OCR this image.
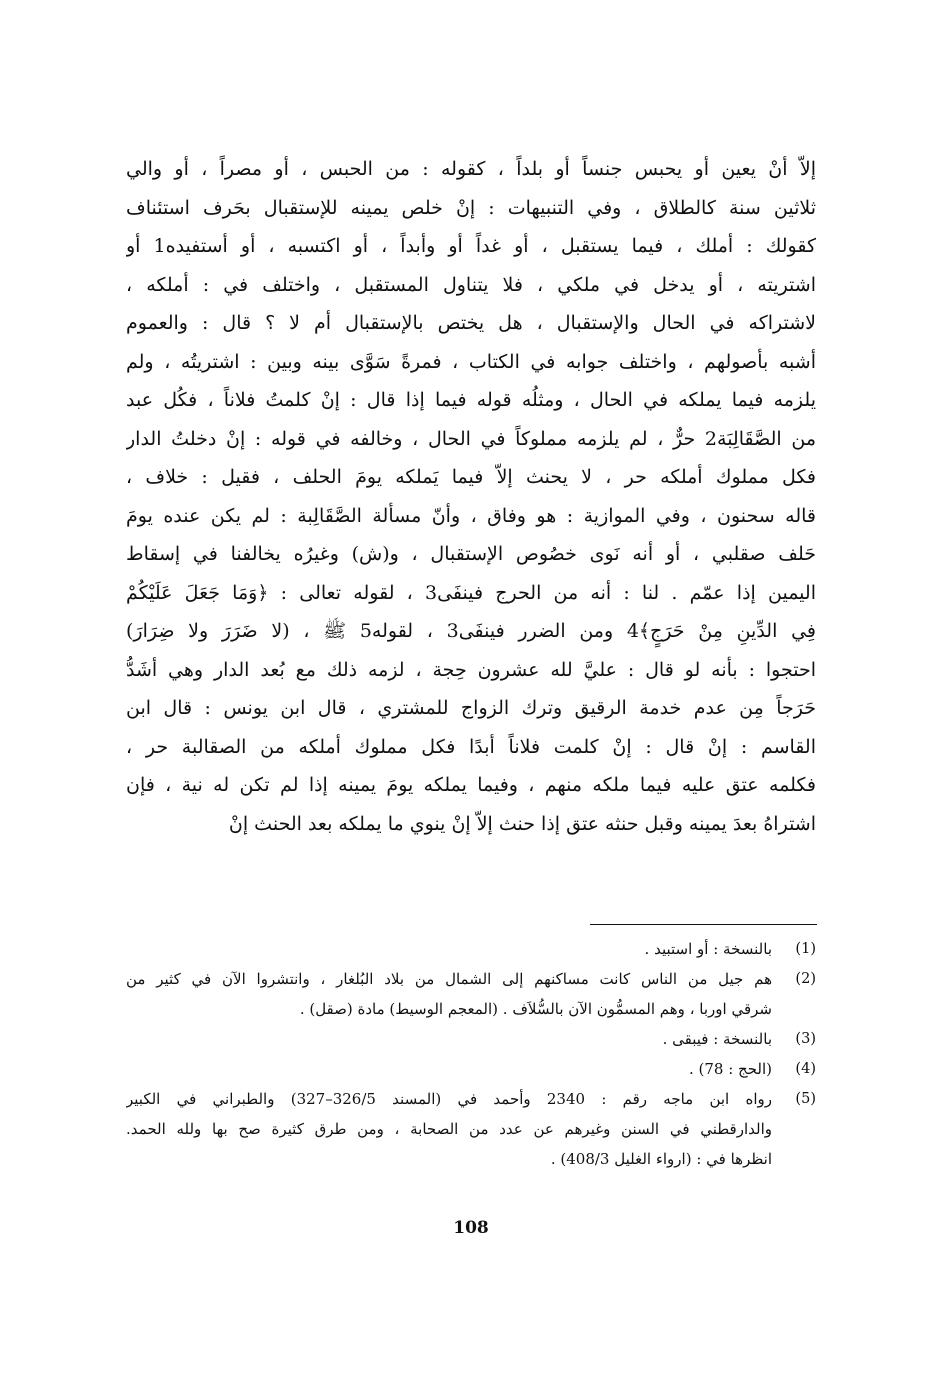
إلاّ أنْ يعين أو يحبس جنساً أو بلداً ، كقوله : من الحبس ، أو مصراً ، أو والي
ثلاثين سنة كالطلاق ، وفي التنبيهات : إنْ خلص يمينه للإستقبال بحَرف استئناف
كقولك : أملك ، فيما يستقبل ، أو غداً أو وأبداً ، أو اكتسبه ، أو أستفيده1 أو
اشتريته ، أو يدخل في ملكي ، فلا يتناول المستقبل ، واختلف في : أملكه ،
لاشتراكه في الحال والإستقبال ، هل يختص بالإستقبال أم لا ؟ قال : والعموم
أشبه بأصولهم ، واختلف جوابه في الكتاب ، فمرةً سَوَّى بينه وبين : اشتريتُه ، ولم
يلزمه فيما يملكه في الحال ، ومثلُه قوله فيما إذا قال : إنْ كلمتُ فلاناً ، فكُل عبد
من الصَّقَالِبَة2 حرٌّ ، لم يلزمه مملوكاً في الحال ، وخالفه في قوله : إنْ دخلتُ الدار
فكل مملوك أملكه حر ، لا يحنث إلاّ فيما يَملكه يومَ الحلف ، فقيل : خلاف ،
قاله سحنون ، وفي الموازية : هو وفاق ، وأنّ مسألة الصَّقَالِبة : لم يكن عنده يومَ
حَلف صقلبي ، أو أنه نَوى خصُوص الإستقبال ، و(ش) وغيرُه يخالفنا في إسقاط
اليمين إذا عمّم . لنا : أنه من الحرج فينفَى3 ، لقوله تعالى : ﴿وَمَا جَعَلَ عَلَيْكُمْ
فِي الدِّينِ مِنْ حَرَجٍ﴾4 ومن الضرر فينفَى3 ، لقوله5 ﷺ ، (لا ضَرَرَ ولا ضِرَارَ)
احتجوا : بأنه لو قال : عليَّ لله عشرون حِجة ، لزمه ذلك مع بُعد الدار وهي أشَدُّ
حَرَجاً مِن عدم خدمة الرقيق وترك الزواج للمشتري ، قال ابن يونس : قال ابن
القاسم : إنْ قال : إنْ كلمت فلاناً أبدًا فكل مملوك أملكه من الصقالبة حر ،
فكلمه عتق عليه فيما ملكه منهم ، وفيما يملكه يومَ يمينه إذا لم تكن له نية ، فإن
اشتراهُ بعدَ يمينه وقبل حنثه عتق إذا حنث إلاّ إنْ ينوي ما يملكه بعد الحنث إنْ
(1)
بالنسخة : أو استبيد .
(2)
هم جيل من الناس كانت مساكنهم إلى الشمال من بلاد البُلغار ، وانتشروا الآن في كثير من
شرقي اوربا ، وهم المسمُّون الآن بالسُّلاَف . (المعجم الوسيط) مادة (صقل) .
(3)
بالنسخة : فيبقى .
(4)
(الحج : 78) .
(5)
رواه ابن ماجه رقم : 2340 وأحمد في (المسند 326/5–327) والطبراني في الكبير
والدارقطني في السنن وغيرهم عن عدد من الصحابة ، ومن طرق كثيرة صح بها ولله الحمد.
انظرها في : (ارواء الغليل 408/3) .
108
